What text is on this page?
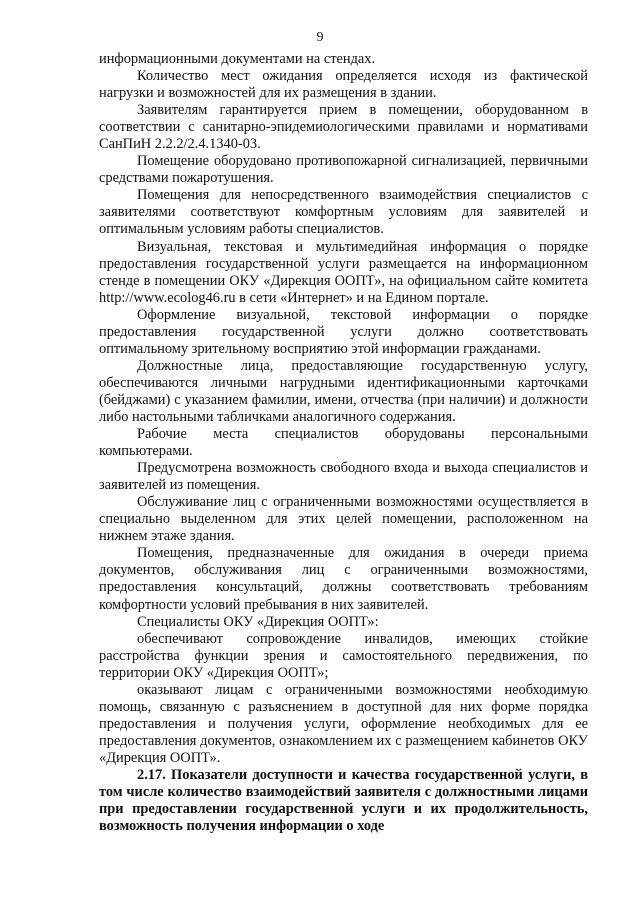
9

информационными документами на стендах.

Количество мест ожидания определяется исходя из фактической нагрузки и возможностей для их размещения в здании.

Заявителям гарантируется прием в помещении, оборудованном в соответствии с санитарно-эпидемиологическими правилами и нормативами СанПиН 2.2.2/2.4.1340-03.

Помещение оборудовано противопожарной сигнализацией, первичными средствами пожаротушения.

Помещения для непосредственного взаимодействия специалистов с заявителями соответствуют комфортным условиям для заявителей и оптимальным условиям работы специалистов.

Визуальная, текстовая и мультимедийная информация о порядке предоставления государственной услуги размещается на информационном стенде в помещении ОКУ «Дирекция ООПТ», на официальном сайте комитета http://www.ecolog46.ru в сети «Интернет» и на Едином портале.

Оформление визуальной, текстовой информации о порядке предоставления государственной услуги должно соответствовать оптимальному зрительному восприятию этой информации гражданами.

Должностные лица, предоставляющие государственную услугу, обеспечиваются личными нагрудными идентификационными карточками (бейджами) с указанием фамилии, имени, отчества (при наличии) и должности либо настольными табличками аналогичного содержания.

Рабочие места специалистов оборудованы персональными компьютерами.

Предусмотрена возможность свободного входа и выхода специалистов и заявителей из помещения.

Обслуживание лиц с ограниченными возможностями осуществляется в специально выделенном для этих целей помещении, расположенном на нижнем этаже здания.

Помещения, предназначенные для ожидания в очереди приема документов, обслуживания лиц с ограниченными возможностями, предоставления консультаций, должны соответствовать требованиям комфортности условий пребывания в них заявителей.

Специалисты ОКУ «Дирекция ООПТ»:

обеспечивают сопровождение инвалидов, имеющих стойкие расстройства функции зрения и самостоятельного передвижения, по территории ОКУ «Дирекция ООПТ»;

оказывают лицам с ограниченными возможностями необходимую помощь, связанную с разъяснением в доступной для них форме порядка предоставления и получения услуги, оформление необходимых для ее предоставления документов, ознакомлением их с размещением кабинетов ОКУ «Дирекция ООПТ».

2.17. Показатели доступности и качества государственной услуги, в том числе количество взаимодействий заявителя с должностными лицами при предоставлении государственной услуги и их продолжительность, возможность получения информации о ходе
